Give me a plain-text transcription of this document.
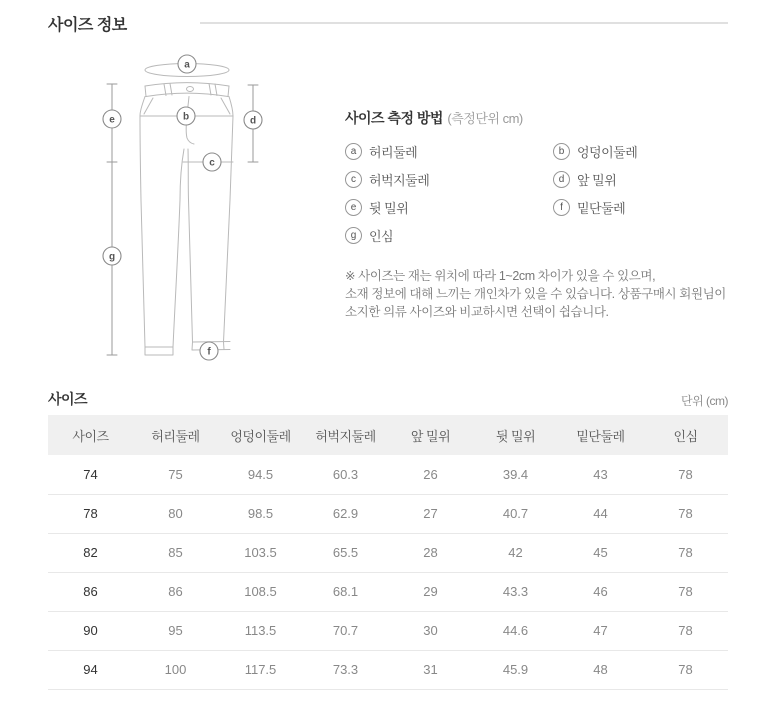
사이즈 정보
a
b
c
d
e
g
f
사이즈 측정 방법 (측정단위 cm)
a 허리둘레	b 엉덩이둘레
c	허벅지둘레	d 앞 밀위
e 뒷 밀위	f	밑단둘레
g 인심
※ 사이즈는 재는 위치에 따라 1~2cm 차이가 있을 수 있으며,
소재 정보에 대해 느끼는 개인차가 있을 수 있습니다. 상품구매시 회원님이
소지한 의류 사이즈와 비교하시면 선택이 쉽습니다.
사이즈	단위 (cm)
사이즈	허리둘레	엉덩이둘레	허벅지둘레	앞 밀위	뒷 밀위	밑단둘레	인심
74	75	94.5	60.3	26	39.4	43	78
78	80	98.5	62.9	27	40.7	44	78
82	85	103.5	65.5	28	42	45	78
86	86	108.5	68.1	29	43.3	46	78
90	95	113.5	70.7	30	44.6	47	78
94	100	117.5	73.3	31	45.9	48	78
